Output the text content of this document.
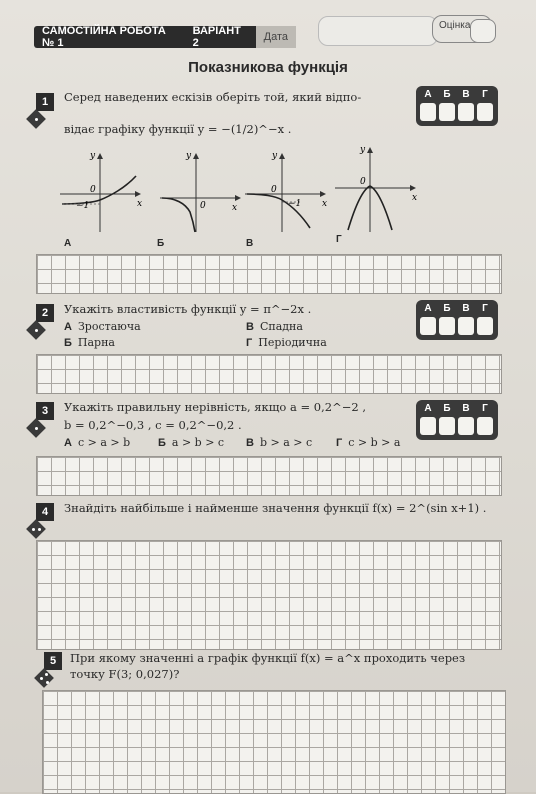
САМОСТІЙНА РОБОТА № 1
ВАРІАНТ 2	Дата
Оцінка
Показникова функція
1	Серед наведених ескізів оберіть той, який відпо-
відає графіку функції y = −(1/2)^−x .
А	Б	В	Г
y
x
0
−1
y
x
0
y
x
0
−1
y
x
0
А	Б	В	Г
2	Укажіть властивість функції y = π^−2x .
А Зростаюча	В Спадна
Б Парна	Г Періодична
А	Б	В	Г
3	Укажіть правильну нерівність, якщо a = 0,2^−2 ,
b = 0,2^−0,3 , c = 0,2^−0,2 .
А c > a > b	Б a > b > c В b > a > c Г c > b > a
А	Б	В	Г
4	Знайдіть найбільше і найменше значення функції f(x) = 2^(sin x+1) .
5	При якому значенні a графік функції f(x) = a^x проходить через
точку F(3; 0,027)?
